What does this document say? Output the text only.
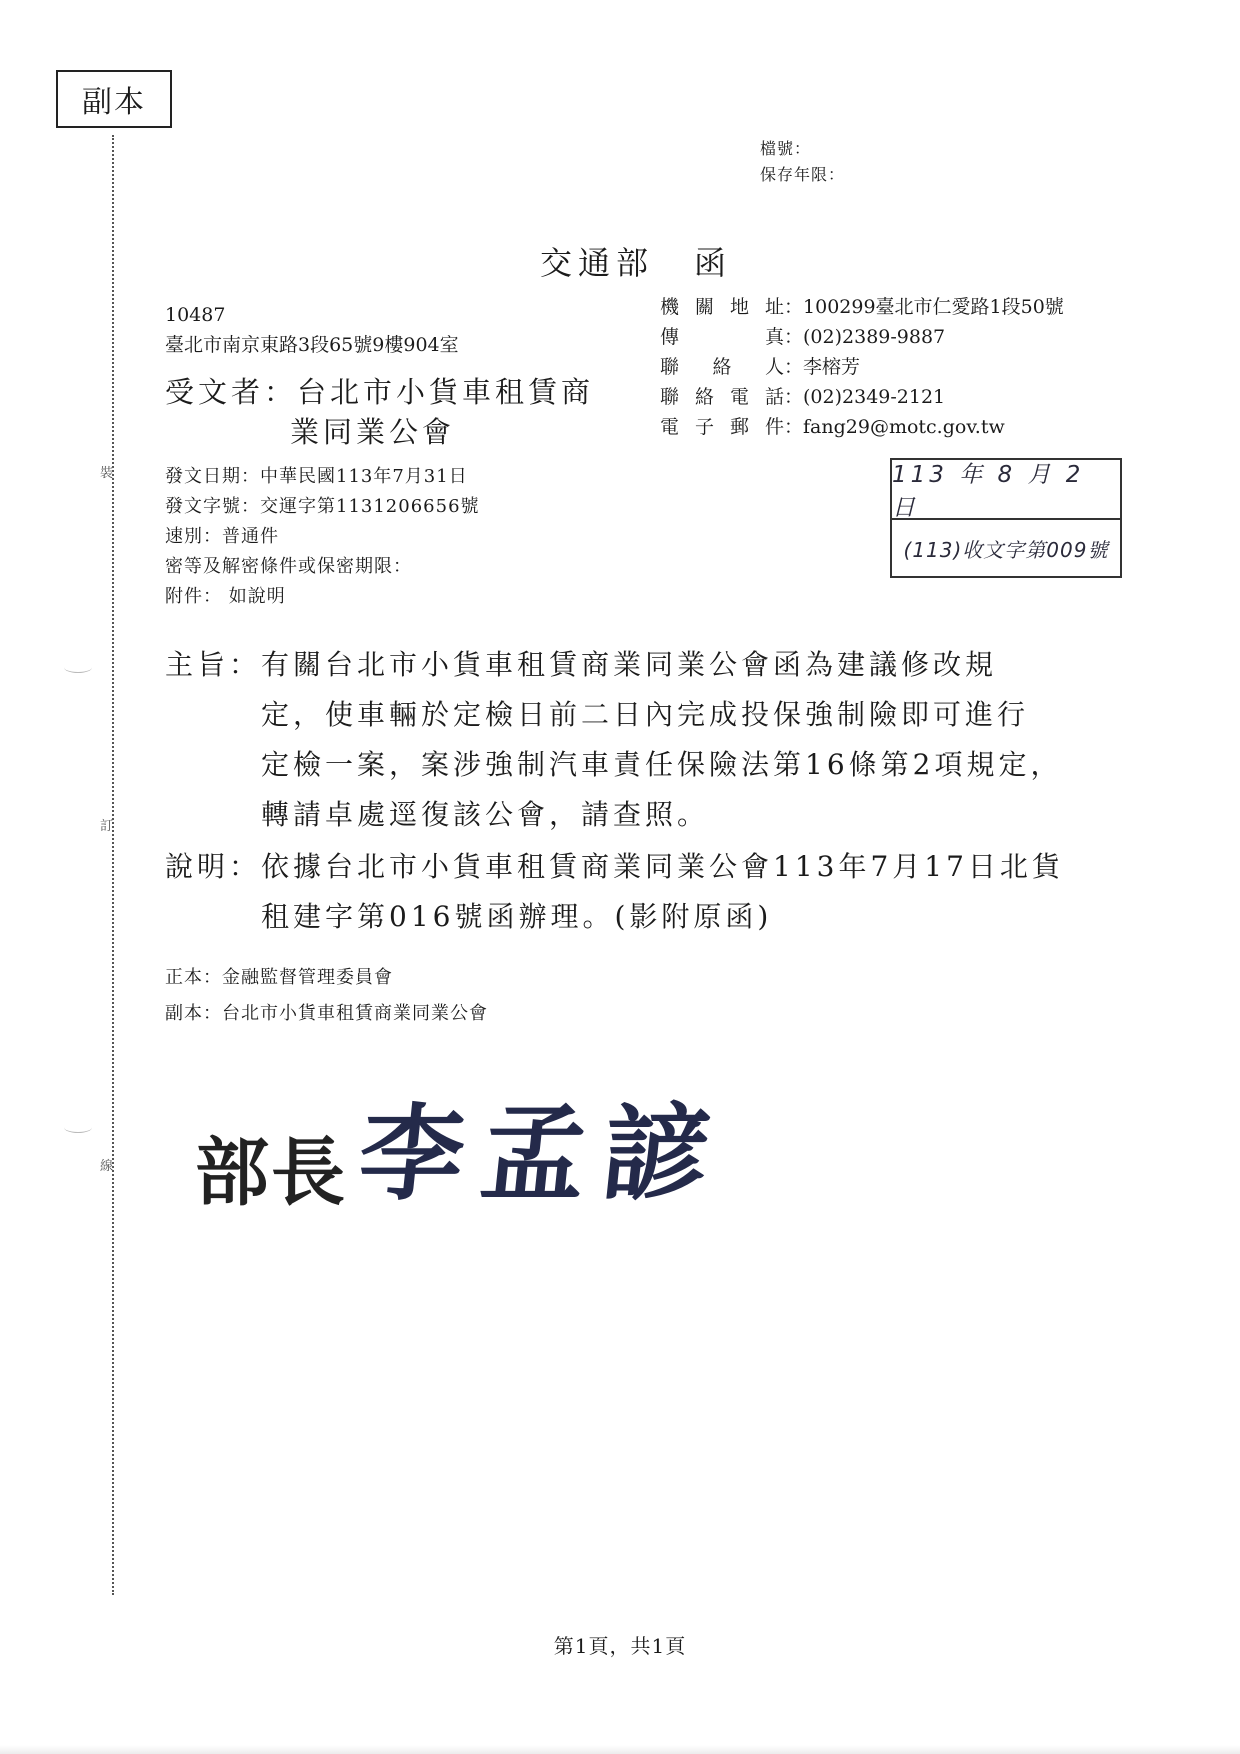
副本
裝
訂
線
檔號：
保存年限：
交通部 函
10487
臺北市南京東路3段65號9樓904室
機關地址：100299臺北市仁愛路1段50號
傳　　真：(02)2389-9887
聯 絡 人：李榕芳
聯絡電話：(02)2349-2121
電子郵件：fang29@motc.gov.tw
受文者：台北市小貨車租賃商
業同業公會
發文日期：中華民國113年7月31日
發文字號：交運字第1131206656號
速別：普通件
密等及解密條件或保密期限：
附件： 如說明
113 年 8 月 2 日
(113)收文字第009號
主旨： 有關台北市小貨車租賃商業同業公會函為建議修改規
定，使車輛於定檢日前二日內完成投保強制險即可進行
定檢一案，案涉強制汽車責任保險法第16條第2項規定，
轉請卓處逕復該公會，請查照。
說明： 依據台北市小貨車租賃商業同業公會113年7月17日北貨
租建字第016號函辦理。(影附原函)
正本：金融監督管理委員會
副本：台北市小貨車租賃商業同業公會
部長 李孟諺
第1頁，共1頁
